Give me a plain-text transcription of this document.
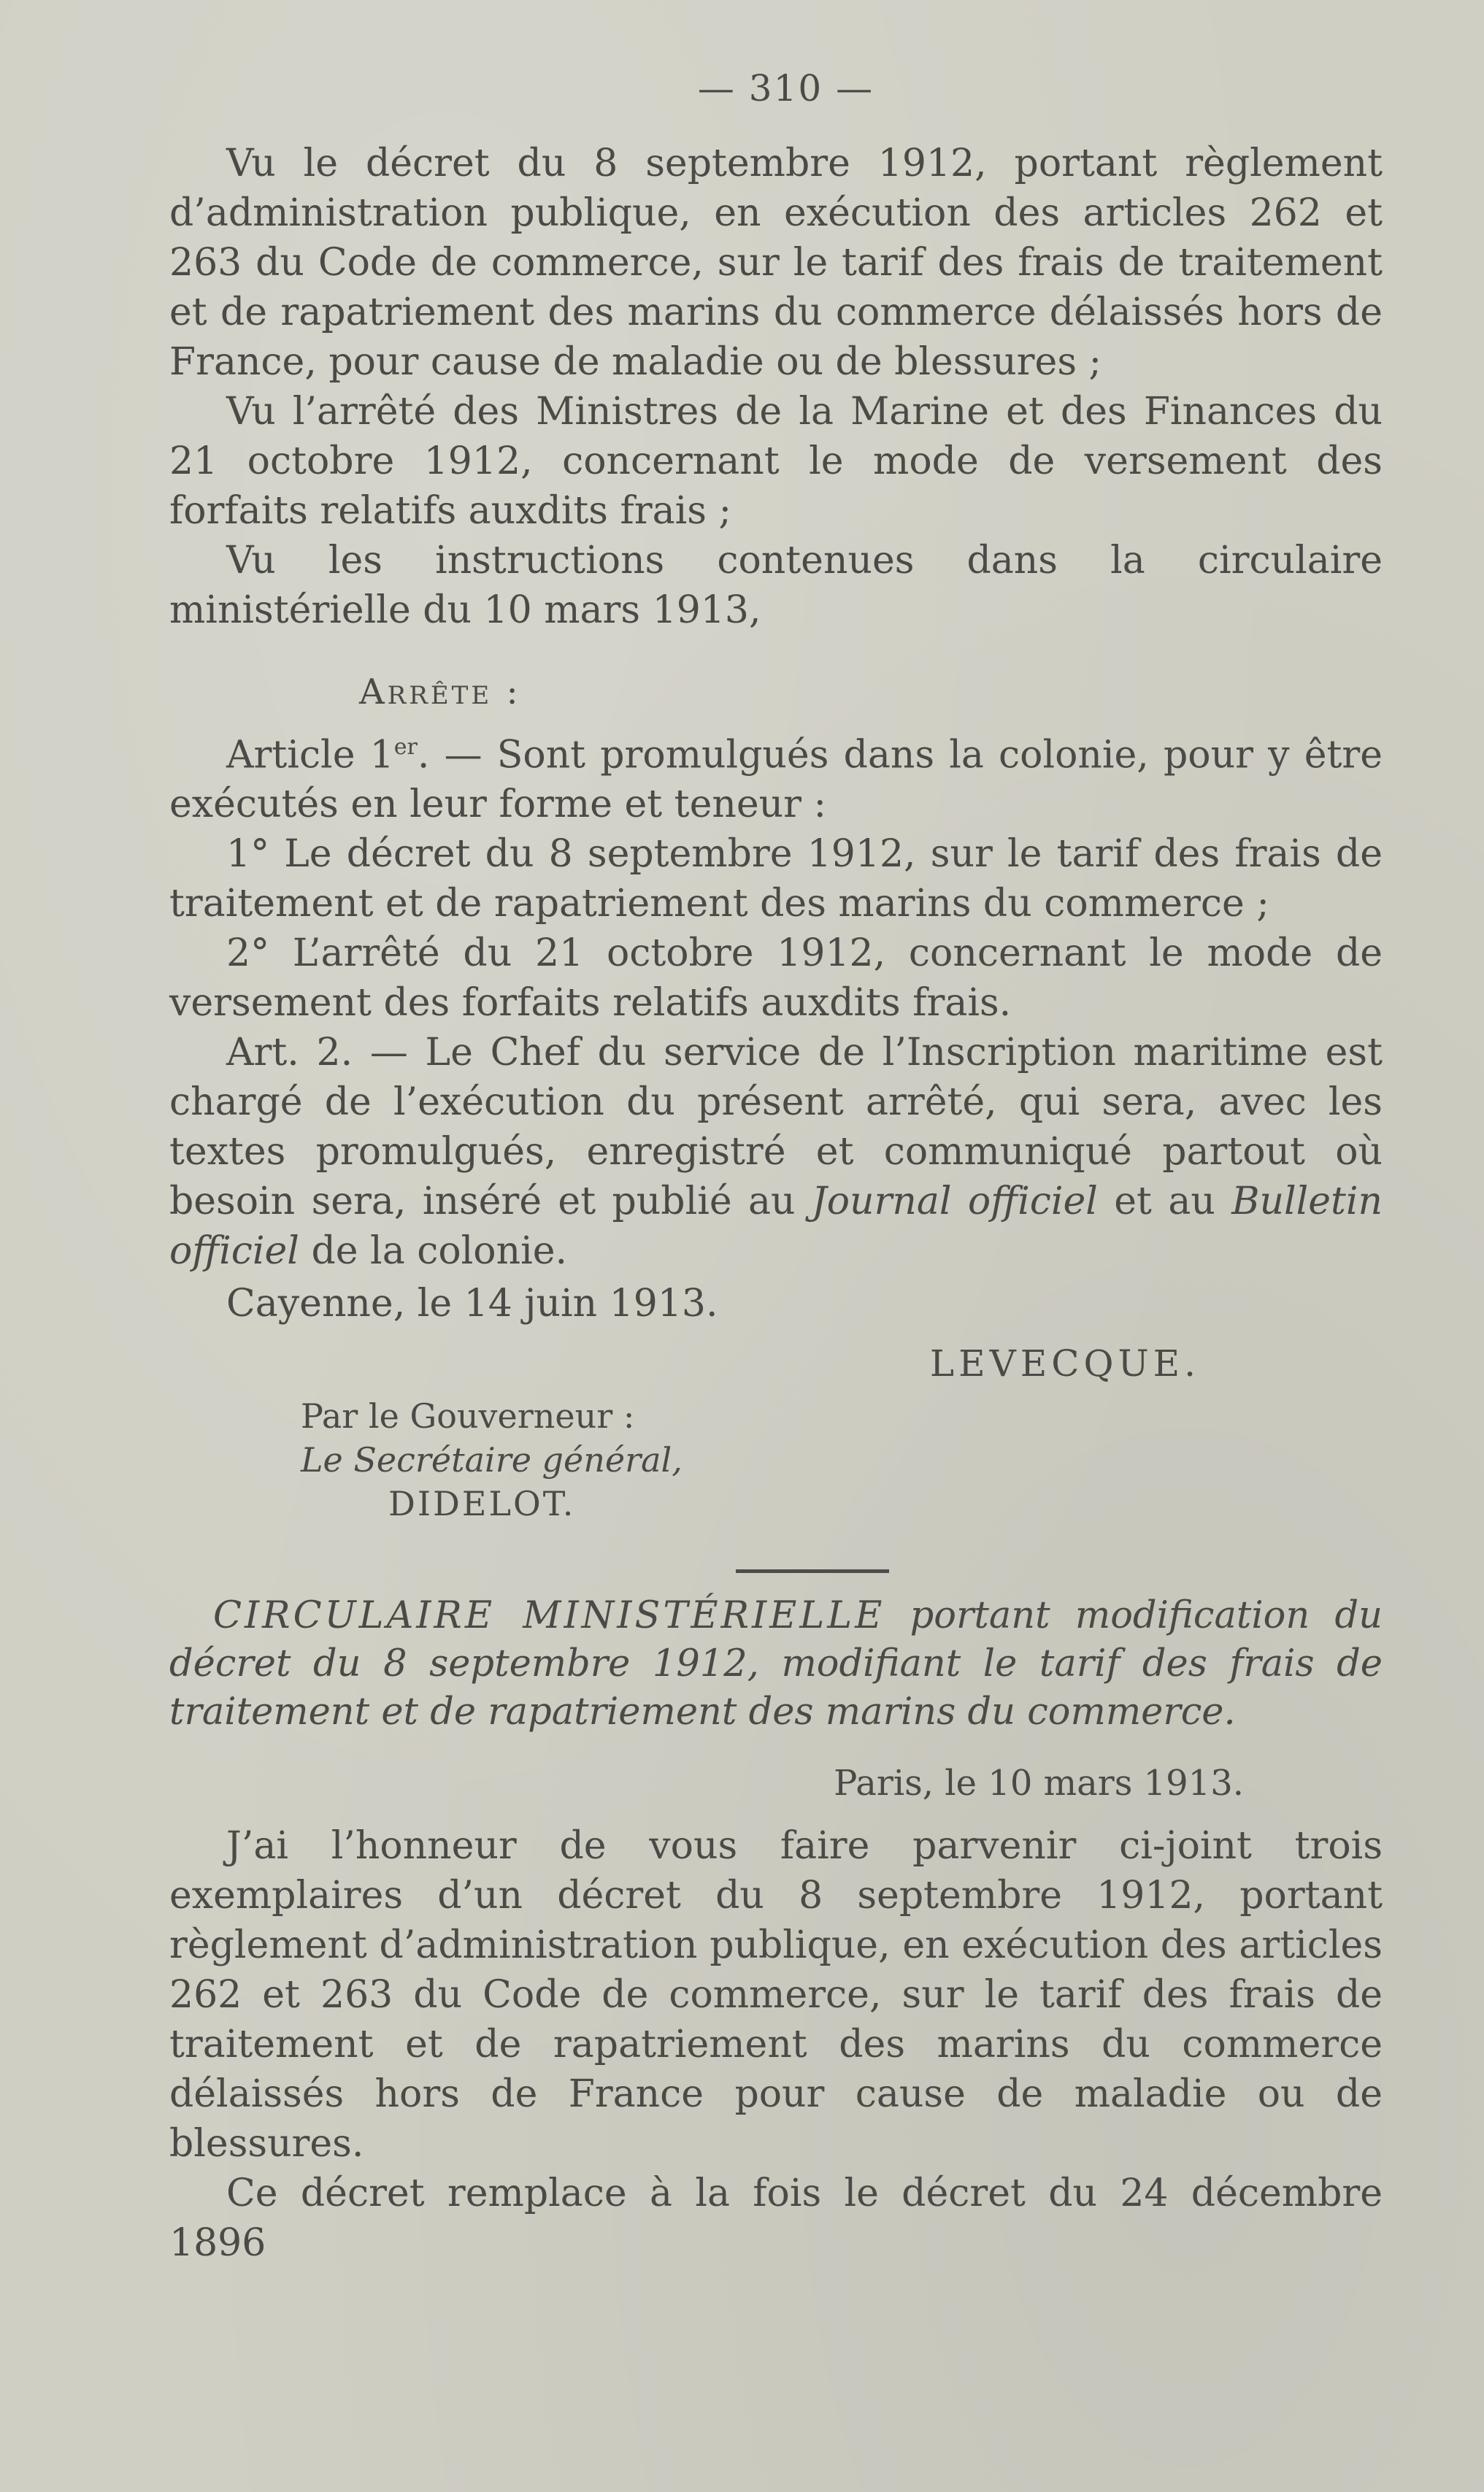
— 310 —

Vu le décret du 8 septembre 1912, portant règlement d’administration publique, en exécution des articles 262 et 263 du Code de commerce, sur le tarif des frais de traitement et de rapatriement des marins du commerce délaissés hors de France, pour cause de maladie ou de blessures ;

Vu l’arrêté des Ministres de la Marine et des Finances du 21 octobre 1912, concernant le mode de versement des forfaits relatifs auxdits frais ;

Vu les instructions contenues dans la circulaire ministérielle du 10 mars 1913,

Arrête :

Article 1er. — Sont promulgués dans la colonie, pour y être exécutés en leur forme et teneur :

1° Le décret du 8 septembre 1912, sur le tarif des frais de traitement et de rapatriement des marins du commerce ;

2° L’arrêté du 21 octobre 1912, concernant le mode de versement des forfaits relatifs auxdits frais.

Art. 2. — Le Chef du service de l’Inscription maritime est chargé de l’exécution du présent arrêté, qui sera, avec les textes promulgués, enregistré et communiqué partout où besoin sera, inséré et publié au Journal officiel et au Bulletin officiel de la colonie.

Cayenne, le 14 juin 1913.

LEVECQUE.
Par le Gouverneur :
Le Secrétaire général,
DIDELOT.

CIRCULAIRE MINISTÉRIELLE portant modification du décret du 8 septembre 1912, modifiant le tarif des frais de traitement et de rapatriement des marins du commerce.

Paris, le 10 mars 1913.

J’ai l’honneur de vous faire parvenir ci-joint trois exemplaires d’un décret du 8 septembre 1912, portant règlement d’administration publique, en exécution des articles 262 et 263 du Code de commerce, sur le tarif des frais de traitement et de rapatriement des marins du commerce délaissés hors de France pour cause de maladie ou de blessures.

Ce décret remplace à la fois le décret du 24 décembre 1896
